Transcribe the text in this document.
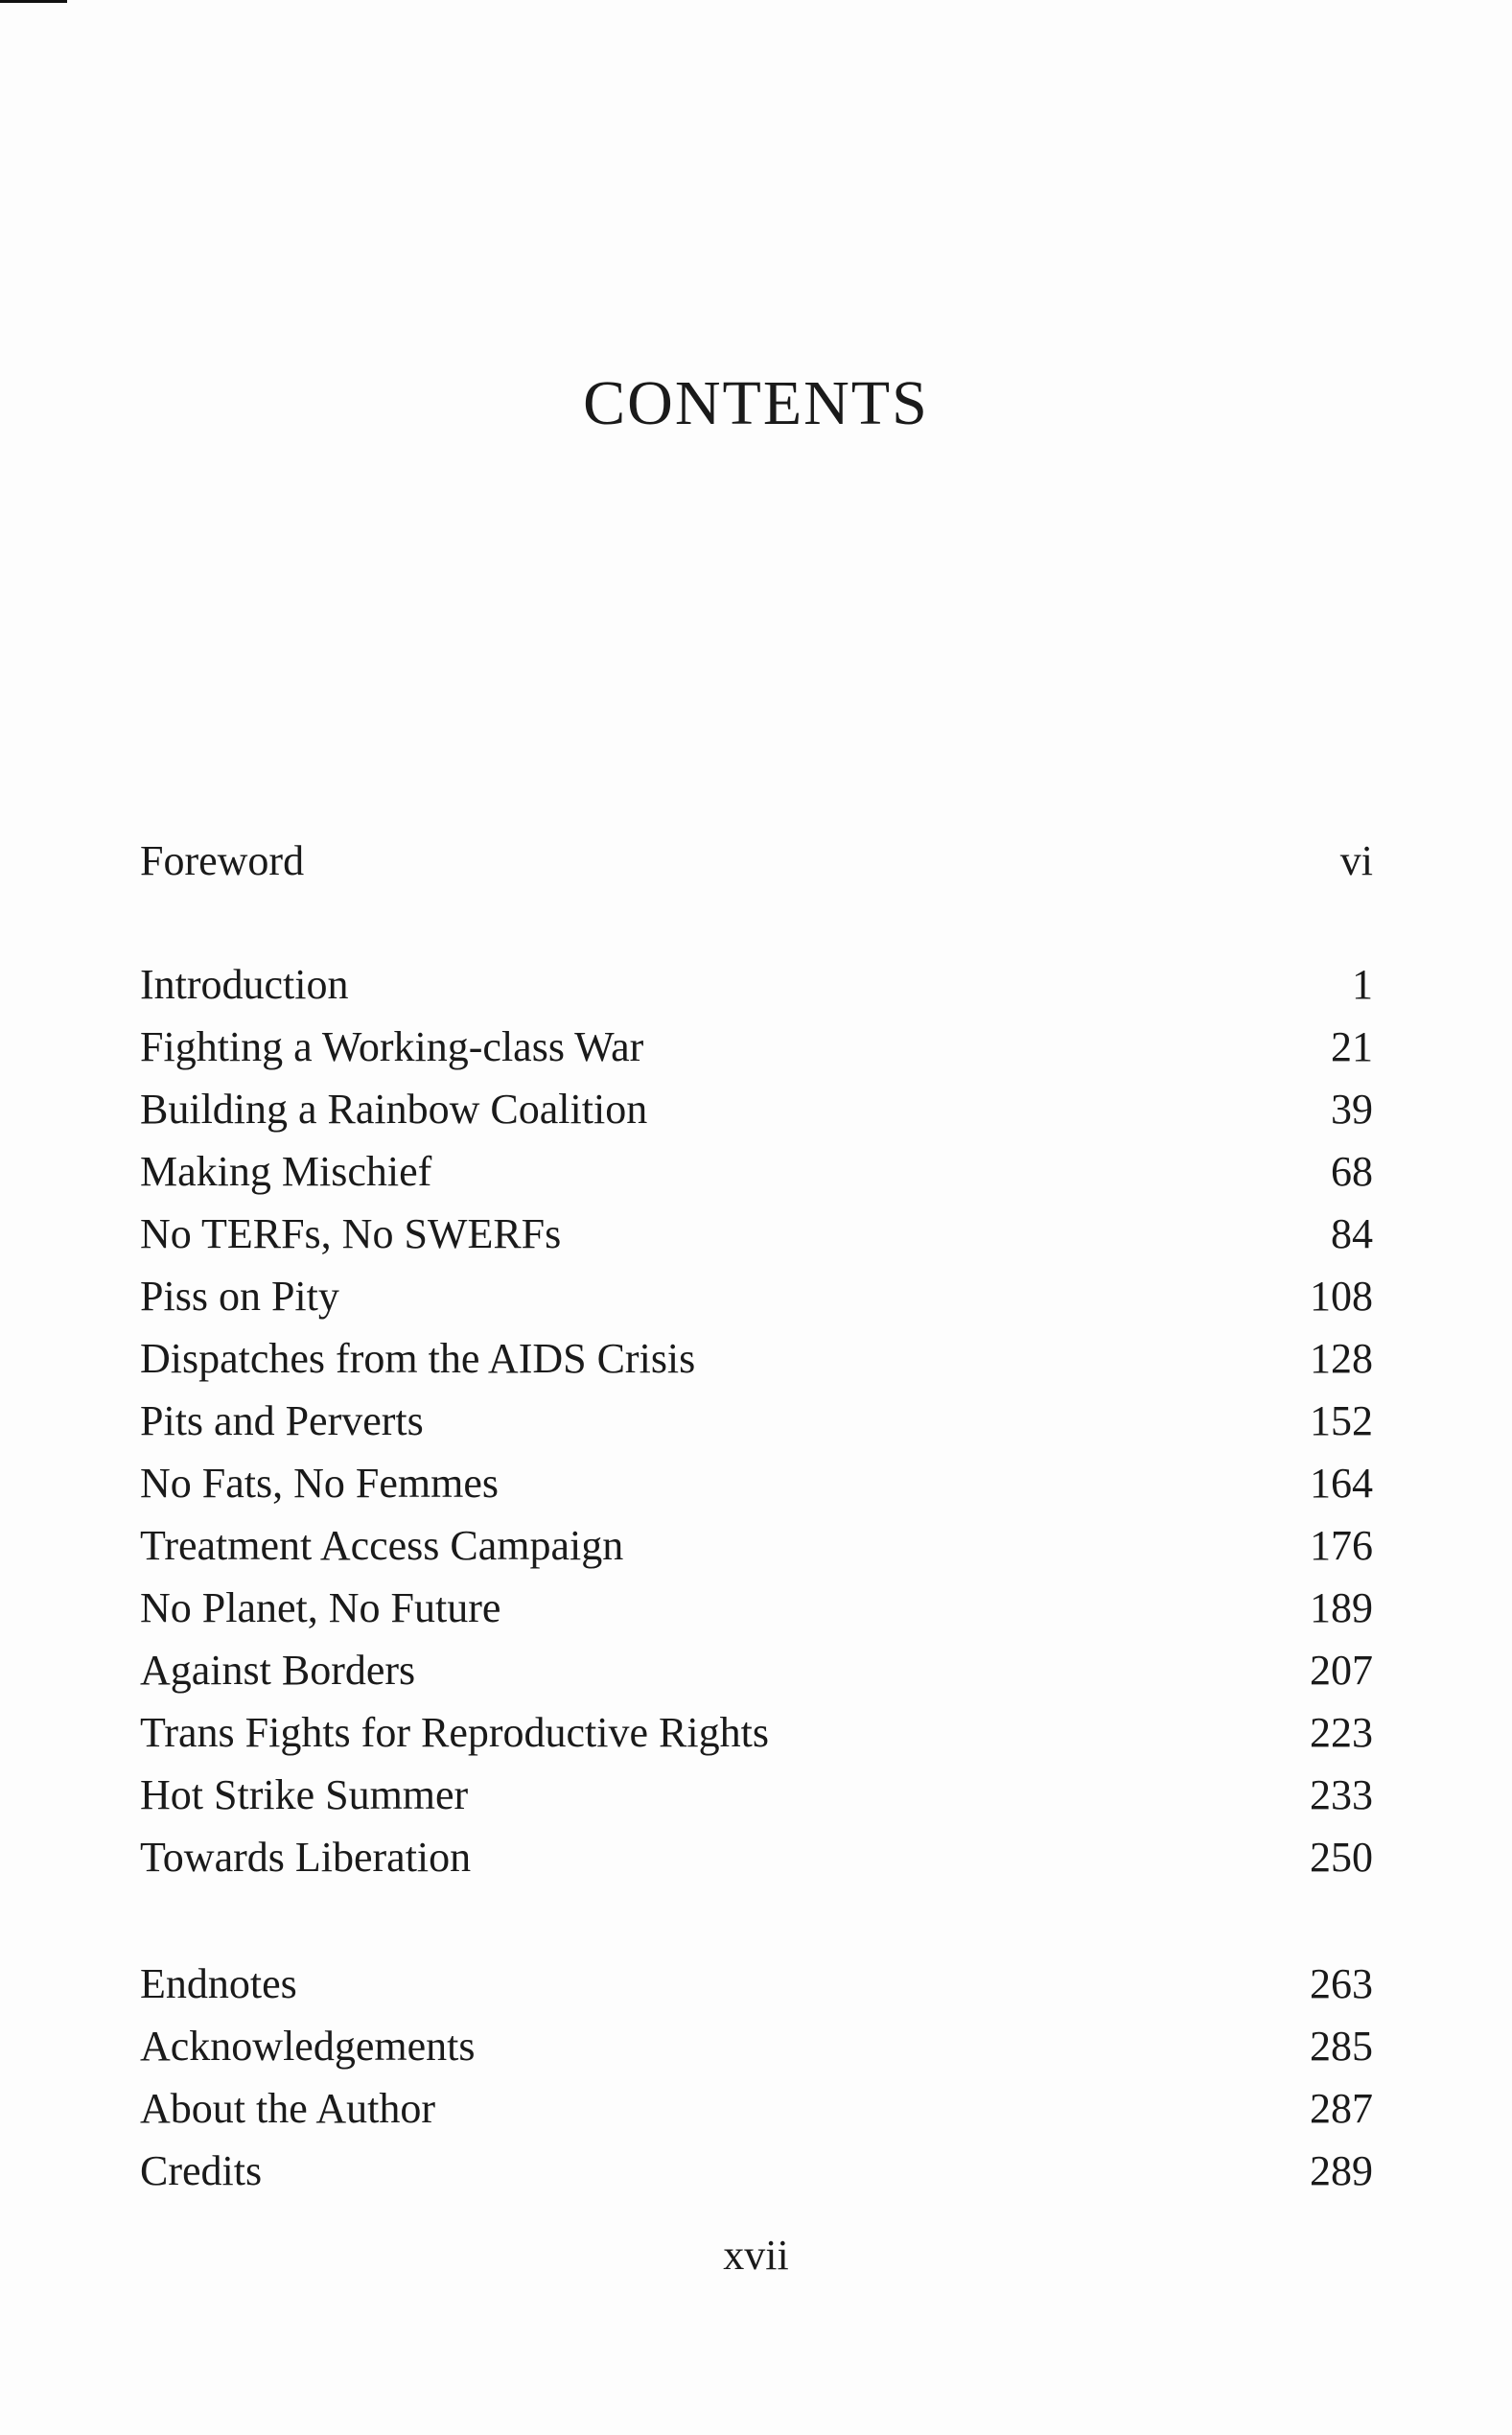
CONTENTS
Foreword	vi
Introduction	1
Fighting a Working-class War	21
Building a Rainbow Coalition	39
Making Mischief	68
No TERFs, No SWERFs	84
Piss on Pity	108
Dispatches from the AIDS Crisis	128
Pits and Perverts	152
No Fats, No Femmes	164
Treatment Access Campaign	176
No Planet, No Future	189
Against Borders	207
Trans Fights for Reproductive Rights	223
Hot Strike Summer	233
Towards Liberation	250
Endnotes	263
Acknowledgements	285
About the Author	287
Credits	289
xvii
